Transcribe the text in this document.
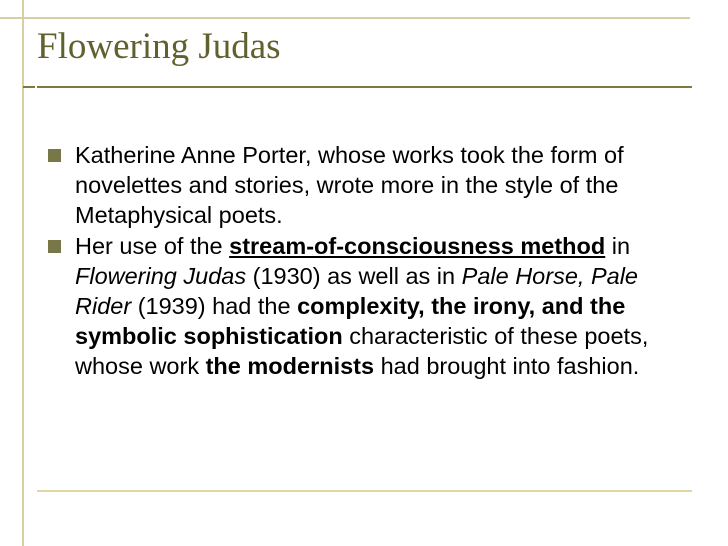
Flowering Judas
Katherine Anne Porter, whose works took the form of novelettes and stories, wrote more in the style of the Metaphysical poets.
Her use of the stream-of-consciousness method in Flowering Judas (1930) as well as in Pale Horse, Pale Rider (1939) had the complexity, the irony, and the symbolic sophistication characteristic of these poets, whose work the modernists had brought into fashion.
